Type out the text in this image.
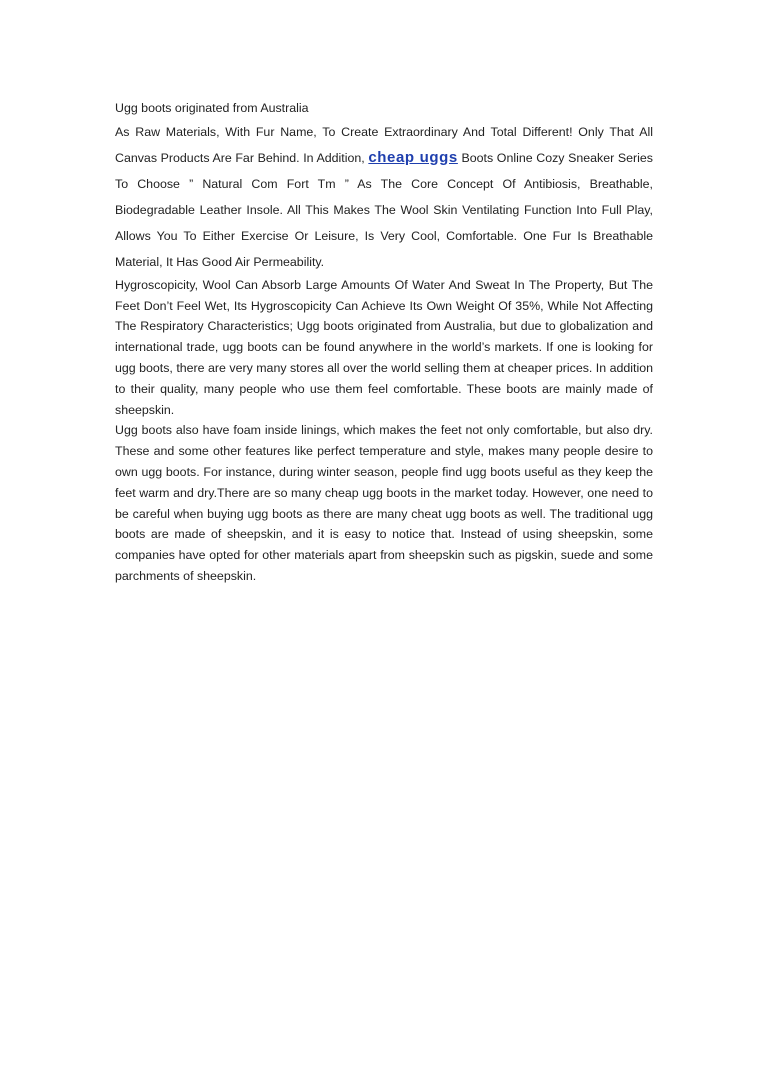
Ugg boots originated from Australia

As Raw Materials, With Fur Name, To Create Extraordinary And Total Different! Only That All Canvas Products Are Far Behind. In Addition, cheap uggs Boots Online Cozy Sneaker Series To Choose ” Natural Com Fort Tm ” As The Core Concept Of Antibiosis, Breathable, Biodegradable Leather Insole. All This Makes The Wool Skin Ventilating Function Into Full Play, Allows You To Either Exercise Or Leisure, Is Very Cool, Comfortable. One Fur Is Breathable Material, It Has Good Air Permeability.

Hygroscopicity, Wool Can Absorb Large Amounts Of Water And Sweat In The Property, But The Feet Don’t Feel Wet, Its Hygroscopicity Can Achieve Its Own Weight Of 35%, While Not Affecting The Respiratory Characteristics; Ugg boots originated from Australia, but due to globalization and international trade, ugg boots can be found anywhere in the world’s markets. If one is looking for ugg boots, there are very many stores all over the world selling them at cheaper prices. In addition to their quality, many people who use them feel comfortable. These boots are mainly made of sheepskin.

Ugg boots also have foam inside linings, which makes the feet not only comfortable, but also dry. These and some other features like perfect temperature and style, makes many people desire to own ugg boots. For instance, during winter season, people find ugg boots useful as they keep the feet warm and dry.There are so many cheap ugg boots in the market today. However, one need to be careful when buying ugg boots as there are many cheat ugg boots as well. The traditional ugg boots are made of sheepskin, and it is easy to notice that. Instead of using sheepskin, some companies have opted for other materials apart from sheepskin such as pigskin, suede and some parchments of sheepskin.
